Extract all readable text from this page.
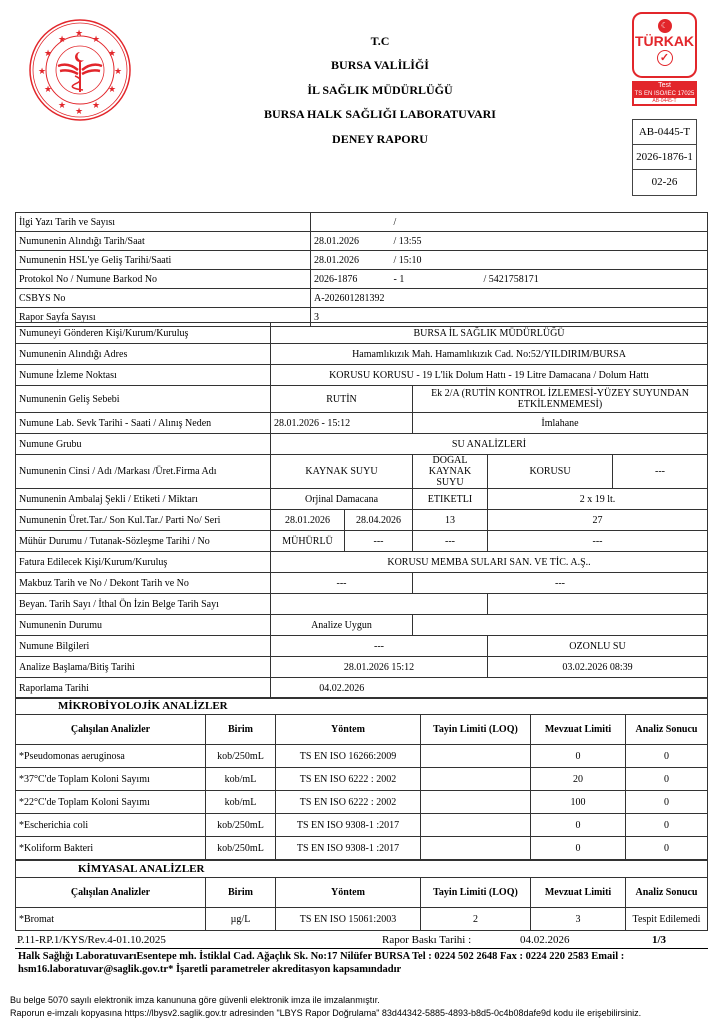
★
★
★
★	★
★	★
★	★
★
★
★
T.C
BURSA VALİLİĞİ
İL SAĞLIK MÜDÜRLÜĞÜ
BURSA HALK SAĞLIĞI LABORATUVARI
DENEY RAPORU
☾
TÜRKAK
✓
Test
TS EN ISO/IEC 17025
AB-0445-T
AB-0445-T
2026-1876-1
02-26
İlgi Yazı Tarih ve Sayısı		/	
Numunenin Alındığı Tarih/Saat	28.01.2026	/ 13:55	
Numunenin HSL'ye Geliş Tarihi/Saati	28.01.2026	/ 15:10	
Protokol No / Numune Barkod No	2026-1876	- 1	/ 5421758171
CSBYS No	A-202601281392		
Rapor Sayfa Sayısı	3		
Numuneyi Gönderen Kişi/Kurum/Kuruluş	BURSA İL SAĞLIK MÜDÜRLÜĞÜ				
Numunenin Alındığı Adres	Hamamlıkızık Mah. Hamamlıkızık Cad. No:52/YILDIRIM/BURSA				
Numune İzleme Noktası	KORUSU KORUSU - 19 L'lik Dolum Hattı - 19 Litre Damacana / Dolum Hattı				
Numunenin Geliş Sebebi	RUTİN		Ek 2/A (RUTİN KONTROL İZLEMESİ-YÜZEY SUYUNDAN ETKİLENMEMESİ)		
Numune Lab. Sevk Tarihi - Saati / Alınış Neden	28.01.2026 - 15:12		İmlahane		
Numune Grubu	SU ANALİZLERİ				
Numunenin Cinsi / Adı /Markası /Üret.Firma Adı	KAYNAK SUYU		DOĞAL KAYNAK SUYU	KORUSU	---
Numunenin Ambalaj Şekli / Etiketi / Miktarı	Orjinal Damacana		ETIKETLI	2 x 19 lt.	
Numunenin Üret.Tar./ Son Kul.Tar./ Parti No/ Seri	28.01.2026	28.04.2026	13	27	
Mühür Durumu / Tutanak-Sözleşme Tarihi / No	MÜHÜRLÜ	---	---	---	
Fatura Edilecek Kişi/Kurum/Kuruluş	KORUSU MEMBA SULARI SAN. VE TİC. A.Ş..				
Makbuz Tarih ve No / Dekont Tarih ve No	---		---		
Beyan. Tarih Sayı / İthal Ön İzin Belge Tarih Sayı					
Numunenin Durumu	Analize Uygun				
Numune Bilgileri	---			OZONLU SU	
Analize Başlama/Bitiş Tarihi	28.01.2026 15:12			03.02.2026 08:39	
Raporlama Tarihi	04.02.2026				
MİKROBİYOLOJİK ANALİZLER					
Çalışılan Analizler	Birim	Yöntem	Tayin Limiti (LOQ)	Mevzuat Limiti	Analiz Sonucu
*Pseudomonas aeruginosa	kob/250mL	TS EN ISO 16266:2009		0	0
*37°C'de Toplam Koloni Sayımı	kob/mL	TS EN ISO 6222 : 2002		20	0
*22°C'de Toplam Koloni Sayımı	kob/mL	TS EN ISO 6222 : 2002		100	0
*Escherichia coli	kob/250mL	TS EN ISO 9308-1 :2017		0	0
*Koliform Bakteri	kob/250mL	TS EN ISO 9308-1 :2017		0	0
KİMYASAL ANALİZLER					
Çalışılan Analizler	Birim	Yöntem	Tayin Limiti (LOQ)	Mevzuat Limiti	Analiz Sonucu
*Bromat	µg/L	TS EN ISO 15061:2003	2	3	Tespit Edilemedi
P.11-RP.1/KYS/Rev.4-01.10.2025	Rapor Baskı Tarihi :	04.02.2026	1/3
Halk Sağlığı LaboratuvarıEsentepe mh. İstiklal Cad. Ağaçlık Sk. No:17 Nilüfer BURSA Tel : 0224 502 2648 Fax : 0224 220 2583 Email : hsm16.laboratuvar@saglik.gov.tr* İşaretli parametreler akreditasyon kapsamındadır
Bu belge 5070 sayılı elektronik imza kanununa göre güvenli elektronik imza ile imzalanmıştır.
Raporun e-imzalı kopyasına https://lbysv2.saglik.gov.tr adresinden "LBYS Rapor Doğrulama" 83d44342-5885-4893-b8d5-0c4b08dafe9d kodu ile erişebilirsiniz.
